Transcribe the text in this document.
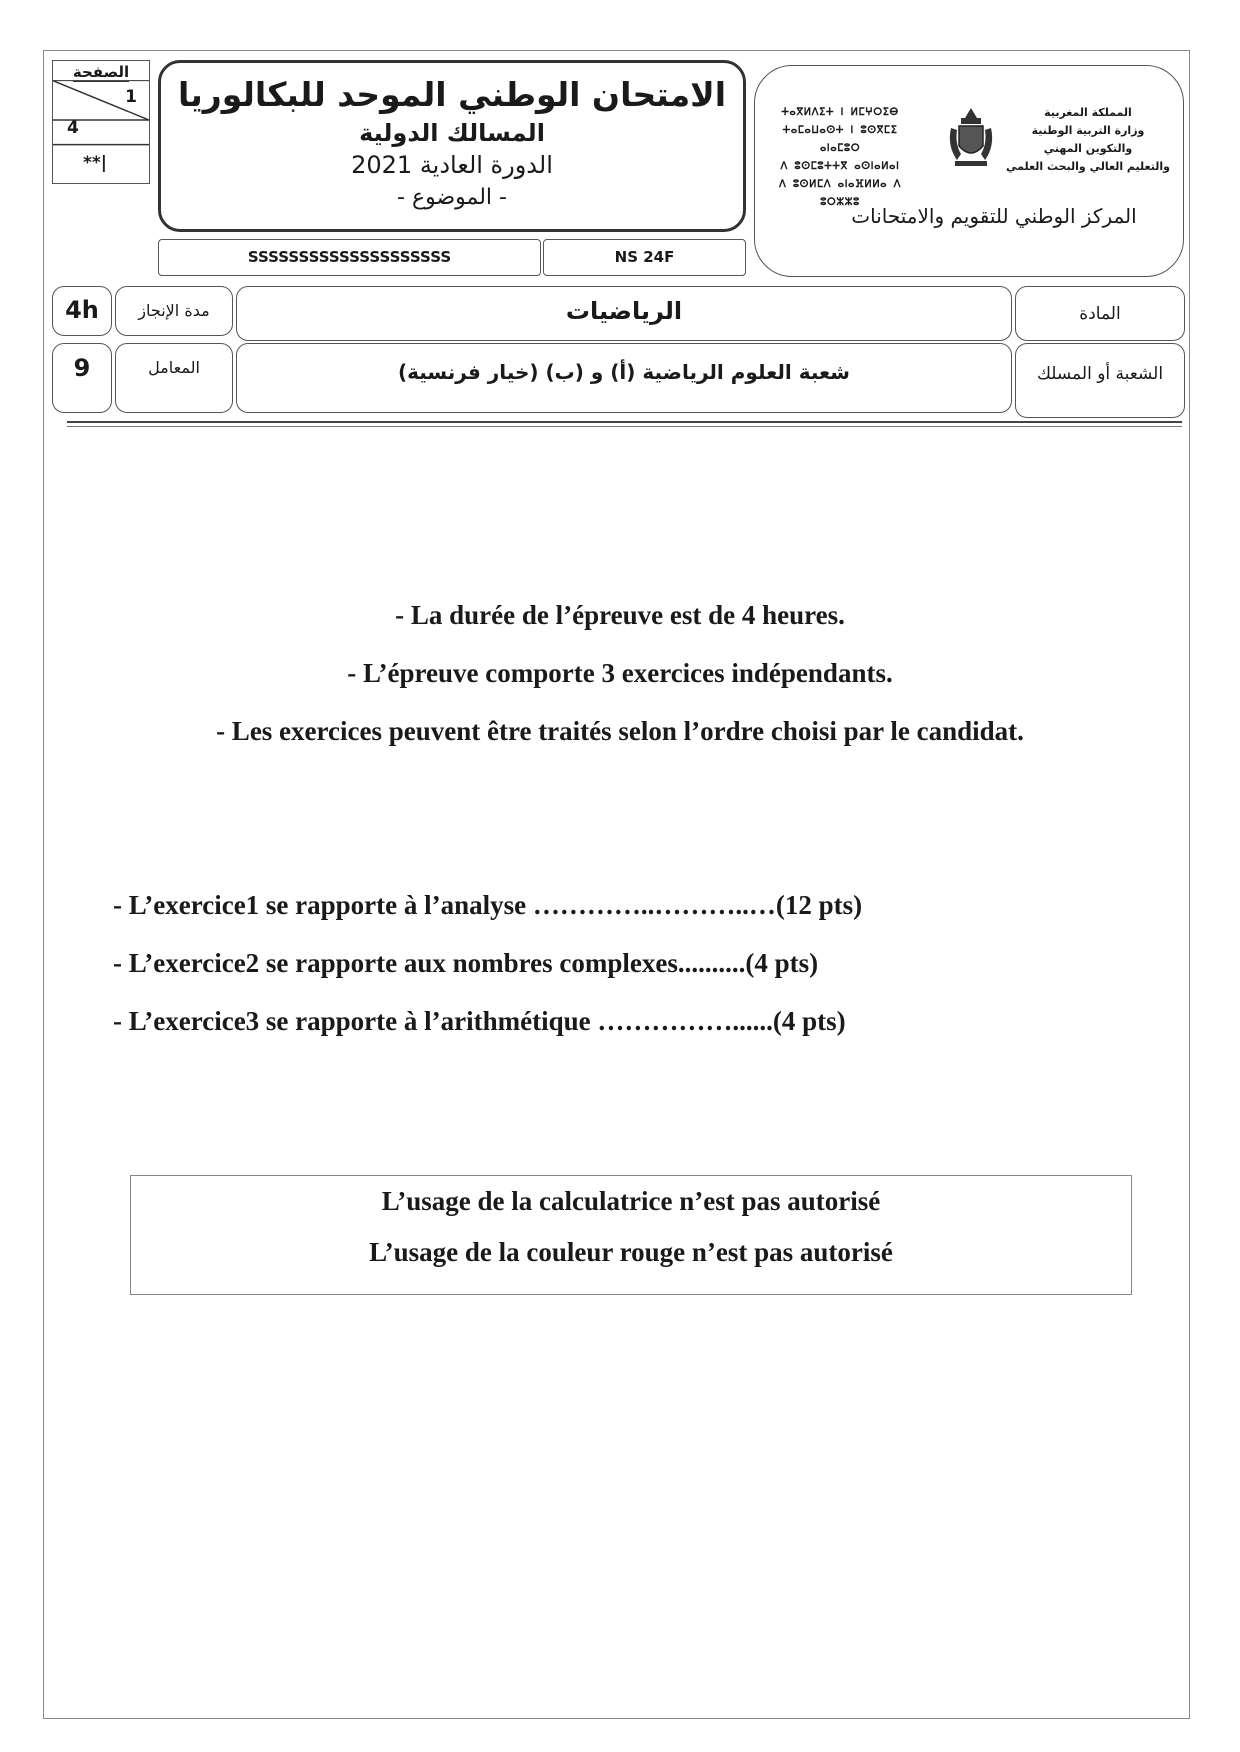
الصفحة
1
4
**|
الامتحان الوطني الموحد للبكالوريا
المسالك الدولية
الدورة العادية 2021
- الموضوع -
SSSSSSSSSSSSSSSSSSSS	NS 24F
ⵜⴰⴳⵍⴷⵉⵜ ⵏ ⵍⵎⵖⵔⵉⴱ
ⵜⴰⵎⴰⵡⴰⵙⵜ ⵏ ⵓⵙⴳⵎⵉ ⴰⵏⴰⵎⵓⵔ
ⴷ ⵓⵙⵎⵓⵜⵜⴳ ⴰⵙⵏⴰⵍⴰⵏ
ⴷ ⵓⵙⵍⵎⴷ ⴰⵏⴰⴼⵍⵍⴰ ⴷ ⵓⵔⵣⵣⵓ
المملكة المغربية
وزارة التربية الوطنية
والتكوين المهني
والتعليم العالي والبحث العلمي
المركز الوطني للتقويم والامتحانات
4h	مدة الإنجاز	الرياضيات	المادة
9	المعامل	شعبة العلوم الرياضية (أ) و (ب) (خيار فرنسية)	الشعبة أو المسلك
- La durée de l’épreuve est de 4 heures.
- L’épreuve comporte 3 exercices indépendants.
- Les exercices peuvent être traités selon l’ordre choisi par le candidat.
- L’exercice1 se rapporte à l’analyse …………..………..…(12 pts)
- L’exercice2 se rapporte aux nombres complexes..........(4 pts)
- L’exercice3 se rapporte à l’arithmétique ……………......(4 pts)
L’usage de la calculatrice n’est pas autorisé
L’usage de la couleur rouge n’est pas autorisé
